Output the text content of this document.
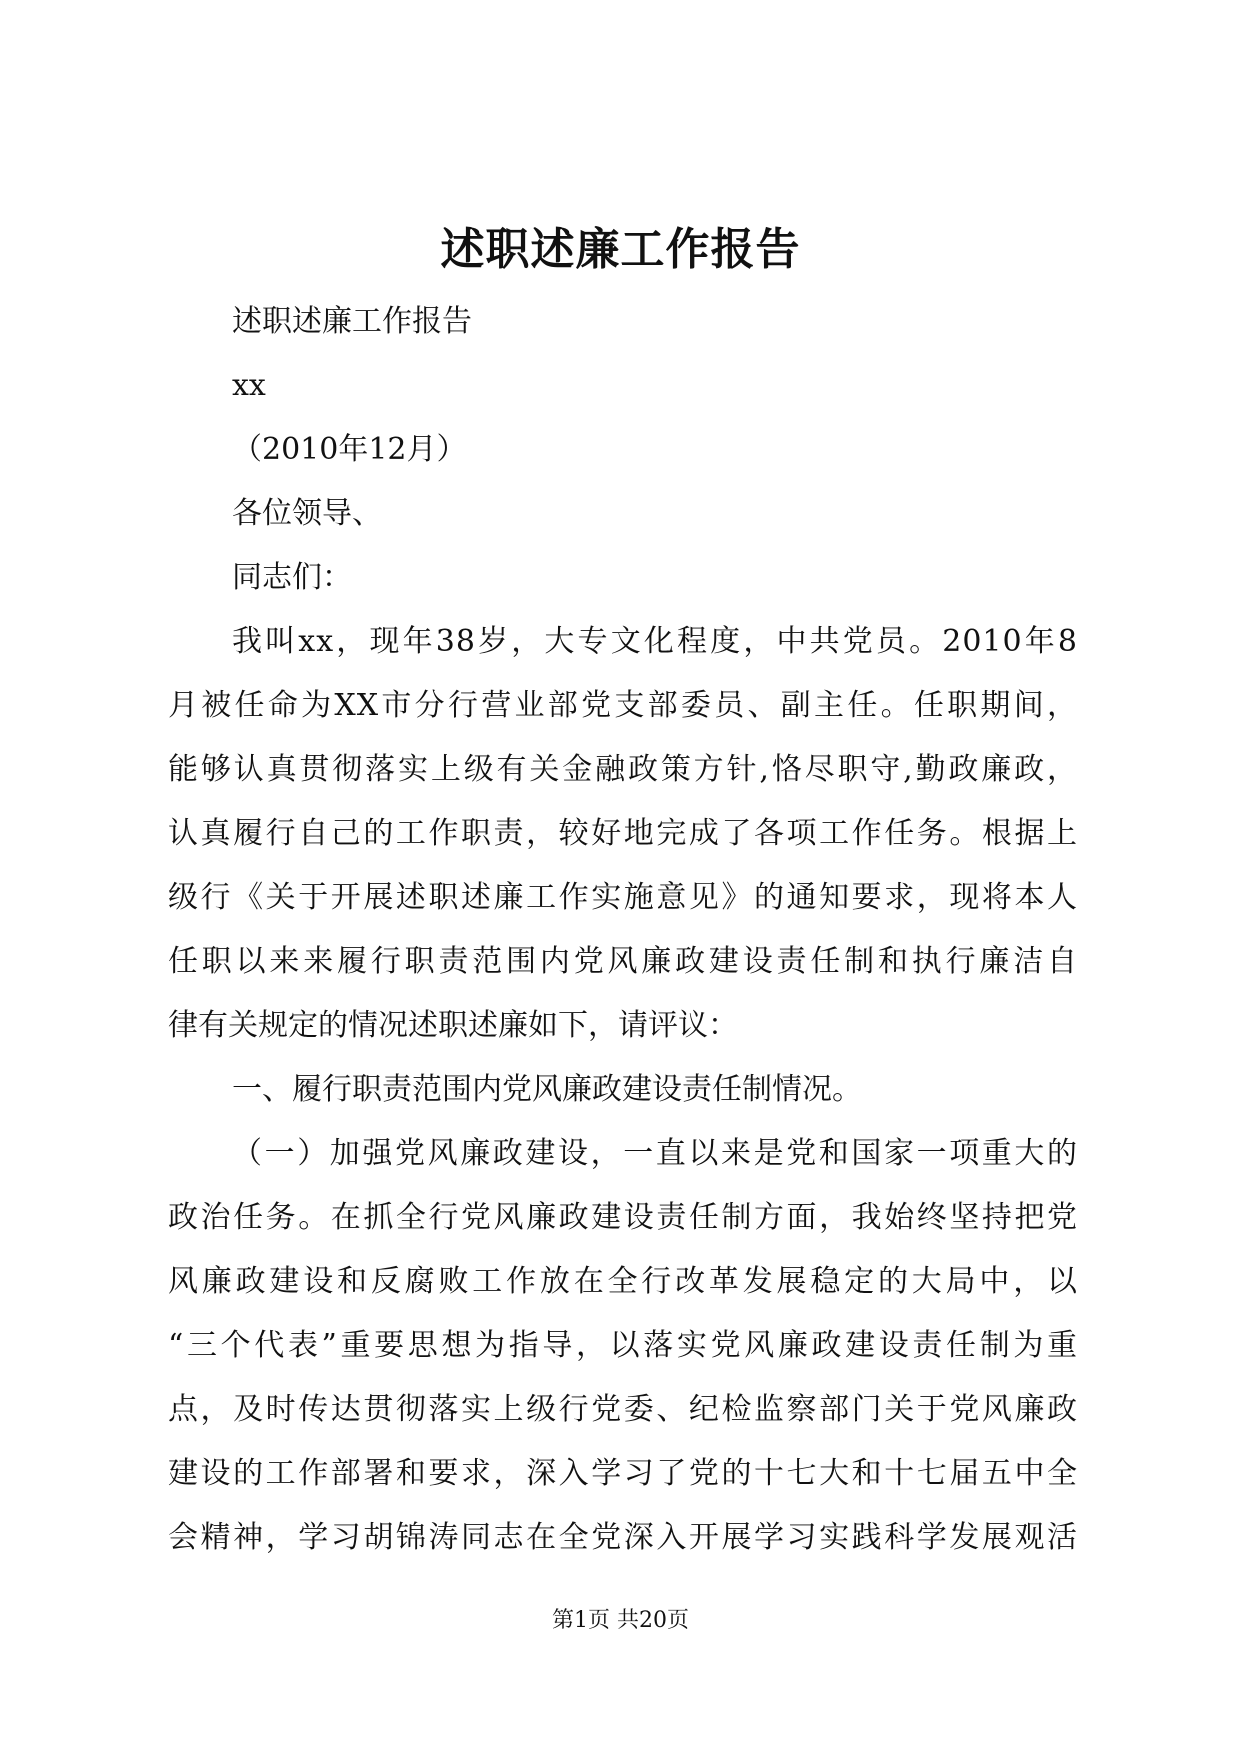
述职述廉工作报告
述职述廉工作报告
xx
（2010年12月）
各位领导、
同志们：
我叫xx，现年38岁，大专文化程度，中共党员。2010年8
月被任命为XX市分行营业部党支部委员、副主任。任职期间，
能够认真贯彻落实上级有关金融政策方针,恪尽职守,勤政廉政，
认真履行自己的工作职责，较好地完成了各项工作任务。根据上
级行《关于开展述职述廉工作实施意见》的通知要求，现将本人
任职以来来履行职责范围内党风廉政建设责任制和执行廉洁自
律有关规定的情况述职述廉如下，请评议：
一、履行职责范围内党风廉政建设责任制情况。
（一）加强党风廉政建设，一直以来是党和国家一项重大的
政治任务。在抓全行党风廉政建设责任制方面，我始终坚持把党
风廉政建设和反腐败工作放在全行改革发展稳定的大局中，以
“三个代表”重要思想为指导，以落实党风廉政建设责任制为重
点，及时传达贯彻落实上级行党委、纪检监察部门关于党风廉政
建设的工作部署和要求，深入学习了党的十七大和十七届五中全
会精神，学习胡锦涛同志在全党深入开展学习实践科学发展观活
第1页 共20页
